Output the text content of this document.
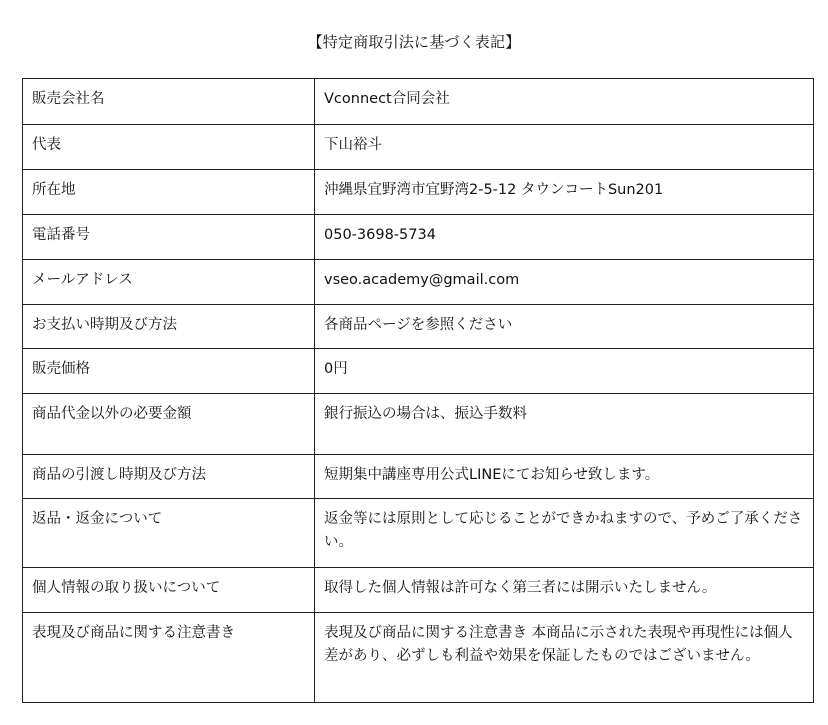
【特定商取引法に基づく表記】
販売会社名	Vconnect合同会社
代表	下山裕斗
所在地	沖縄県宜野湾市宜野湾2-5-12 タウンコートSun201
電話番号	050-3698-5734
メールアドレス	vseo.academy@gmail.com
お支払い時期及び方法	各商品ページを参照ください
販売価格	0円
商品代金以外の必要金額	銀行振込の場合は、振込手数料
商品の引渡し時期及び方法	短期集中講座専用公式LINEにてお知らせ致します。
返品・返金について	返金等には原則として応じることができかねますので、予めご了承ください。
個人情報の取り扱いについて	取得した個人情報は許可なく第三者には開示いたしません。
表現及び商品に関する注意書き	表現及び商品に関する注意書き 本商品に示された表現や再現性には個人差があり、必ずしも利益や効果を保証したものではございません。
